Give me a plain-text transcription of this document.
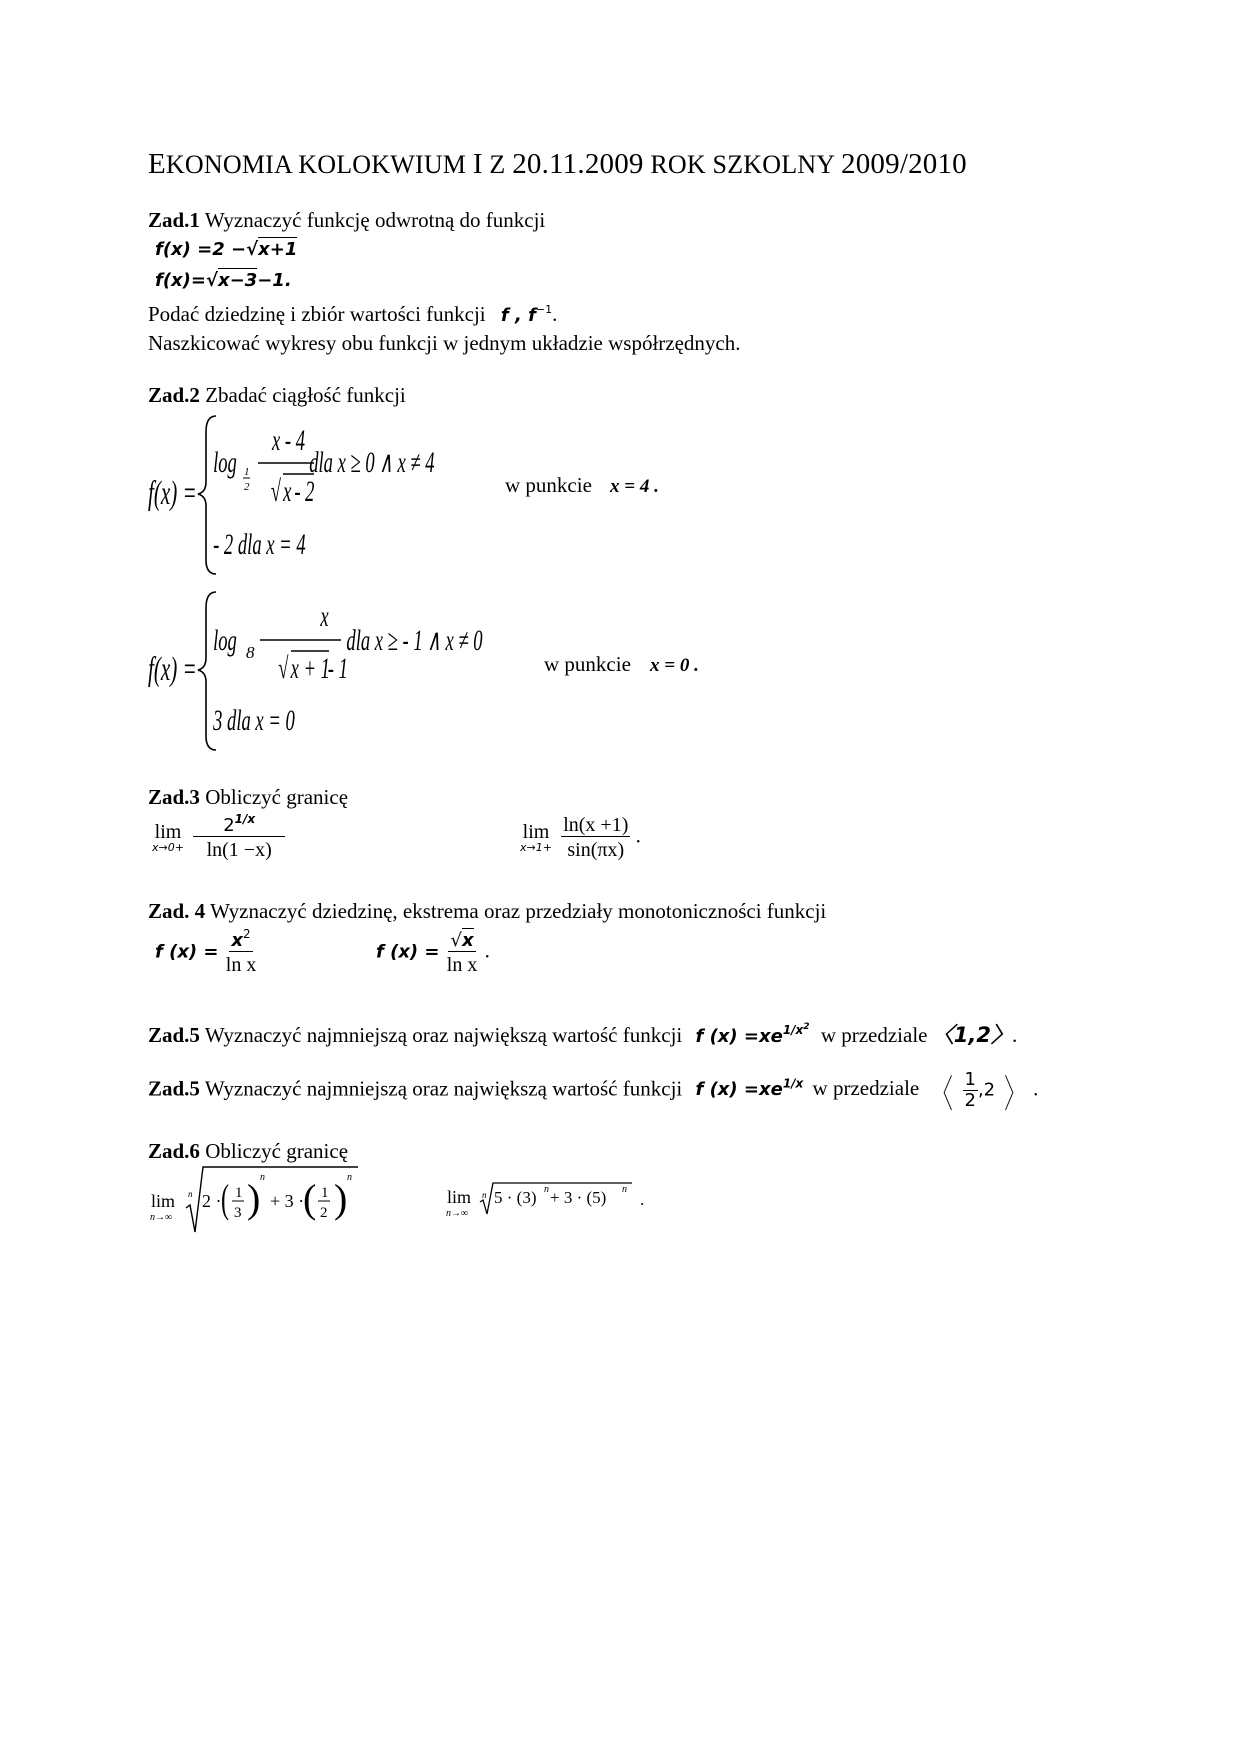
EKONOMIA KOLOKWIUM I Z 20.11.2009 ROK SZKOLNY 2009/2010
Zad.1 Wyznaczyć funkcję odwrotną do funkcji
f(x) =2 −√x+1
f(x)=√x−3−1.
Podać dziedzinę i zbiór wartości funkcji f , $f^{-1}$.
Naszkicować wykresy obu funkcji w jednym układzie współrzędnych.
Zad.2 Zbadać ciągłość funkcji
f(x) =
log 1
2
x - 4
√ x - 2
dla x ≥ 0 ∧ x ≠ 4
- 2 dla x = 4
w punkcie x = 4 .
f(x) =
log 8
x
√ x + 1
- 1
dla x ≥ - 1 ∧ x ≠ 0
3 dla x = 0
w punkcie x = 0 .
Zad.3 Obliczyć granicę
lim
x→0+
$\frac{2^{1/x}}{\ln(1 -x)}$	lim
x→1+
$\frac{\ln(x +1)}{\sin(\pi x)}$ .
Zad. 4 Wyznaczyć dziedzinę, ekstrema oraz przedziały monotoniczności funkcji
f $(x) = \frac{x^2}{\text{ln x}}$	f $(x) = \frac{√x}{\text{ln x}}$ .
Zad.5 Wyznaczyć najmniejszą oraz największą wartość funkcji f $(x) =xe^{1/x^2}$ w przedziale 〈1,2〉.
Zad.5 Wyznaczyć najmniejszą oraz największą wartość funkcji f $(x) =xe^{1/x}$ w przedziale 〈 $\frac{1}{2} ,2$ 〉 .
Zad.6 Obliczyć granicę
lim
n→∞
n 2 · ( 1
3 ) n
+ 3 ·
( 1
2 ) n
lim
n→∞
n 5 · (3) n + 3 · (5) n
.
